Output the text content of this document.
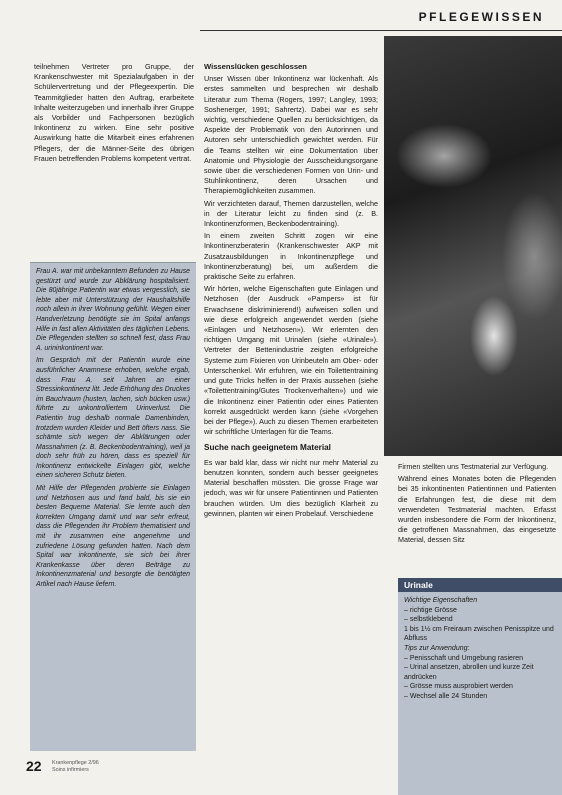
PFLEGEWISSEN

teilnehmen Vertreter pro Gruppe, der Krankenschwester mit Spezialaufgaben in der Schülervertretung und der Pflegeexpertin. Die Teammitglieder hatten den Auftrag, erarbeitete Inhalte weiterzugeben und innerhalb ihrer Gruppe als Vorbilder und Fachpersonen bezüglich Inkontinenz zu wirken. Eine sehr positive Auswirkung hatte die Mitarbeit eines erfahrenen Pflegers, der die Männer-Seite des übrigen Frauen betreffenden Problems kompetent vertrat.

Frau A. war mit unbekanntem Befunden zu Hause gestürzt und wurde zur Abklärung hospitalisiert. Die 80jährige Patientin war etwas vergesslich, sie lebte aber mit Unterstützung der Haushaltshilfe noch allein in ihrer Wohnung gefühlt. Wegen einer Handverletzung benötigte sie im Spital anfangs Hilfe in fast allen Aktivitäten des täglichen Lebens. Die Pflegenden stellten so schnell fest, dass Frau A. urininkontinent war.

Im Gespräch mit der Patientin wurde eine ausführlicher Anamnese erhoben, welche ergab, dass Frau A. seit Jahren an einer Stressinkontinenz litt. Jede Erhöhung des Druckes im Bauchraum (husten, lachen, sich bücken usw.) führte zu unkontrolliertem Urinverlust. Die Patientin trug deshalb normale Damenbinden, trotzdem wurden Kleider und Bett öfters nass. Sie schämte sich wegen der Abklärungen oder Massnahmen (z. B. Beckenbodentraining), weil ja doch sehr früh zu hören, dass es speziell für Inkontinenz entwickelte Einlagen gibt, welche einen sicheren Schutz bieten.

Mit Hilfe der Pflegenden probierte sie Einlagen und Netzhosen aus und fand bald, bis sie ein besten Bequeme Material. Sie lernte auch den korrekten Umgang damit und war sehr erfreut, dass die Pflegenden ihr Problem thematisiert und mit ihr zusammen eine angenehme und zufriedene Lösung gefunden hatten. Nach dem Spital war inkontinente, sie sich bei ihrer Krankenkasse über deren Beiträge zu Inkontinenzmaterial und besorgte die benötigten Artikel nach Hause liefern.

Wissenslücken geschlossen

Unser Wissen über Inkontinenz war lückenhaft. Als erstes sammelten und besprechen wir deshalb Literatur zum Thema (Rogers, 1997; Langley, 1993; Soshenerger, 1991; Sahrertz). Dabei war es sehr wichtig, verschiedene Quellen zu berücksichtigen, da Aspekte der Problematik von den Autorinnen und Autoren sehr unterschiedlich gewichtet werden. Für die Teams stellten wir eine Dokumentation über Anatomie und Physiologie der Ausscheidungsorgane sowie über die verschiedenen Formen von Urin- und Stuhlinkontinenz, deren Ursachen und Therapiemöglichkeiten zusammen.

Wir verzichteten darauf, Themen darzustellen, welche in der Literatur leicht zu finden sind (z. B. Inkontinenzformen, Beckenbodentraining).

In einem zweiten Schritt zogen wir eine Inkontinenzberaterin (Krankenschwester AKP mit Zusatzausbildungen in Inkontinenzpflege und Inkontinenzberatung) bei, um außerdem die praktische Seite zu erfahren.

Wir hörten, welche Eigenschaften gute Einlagen und Netzhosen (der Ausdruck «Pampers» ist für Erwachsene diskriminierend!) aufweisen sollen und wie diese erfolgreich angewendet werden (siehe «Einlagen und Netzhosen»). Wir erlernten den richtigen Umgang mit Urinalen (siehe «Urinale»). Vertreter der Bettenindustrie zeigten erfolgreiche Systeme zum Fixieren von Urinbeuteln am Ober- oder Unterschenkel. Wir erfuhren, wie ein Toilettentraining und gute Tricks helfen in der Praxis aussehen (siehe «Toilettentraining/Gutes Trockenverhalten») und wie die Inkontinenz einer Patientin oder eines Patienten korrekt ausgedrückt werden kann (siehe «Vorgehen bei der Pflege»). Auch zu diesen Themen erarbeiteten wir schriftliche Unterlagen für die Teams.

Suche nach geeignetem Material

Es war bald klar, dass wir nicht nur mehr Material zu benutzen konnten, sondern auch besser geeignetes Material beschaffen müssten. Die grosse Frage war jedoch, was wir für unsere Patientinnen und Patienten brauchen würden. Um dies bezüglich Klarheit zu gewinnen, planten wir einen Probelauf. Verschiedene

Firmen stellten uns Testmaterial zur Verfügung.

Während eines Monates boten die Pflegenden bei 35 inkontinenten Patientinnen und Patienten die Erfahrungen fest, die diese mit dem verwendeten Testmaterial machten. Erfasst wurden insbesondere die Form der Inkontinenz, die getroffenen Massnahmen, das eingesetzte Material, dessen Sitz

Urinale
Wichtige Eigenschaften
– richtige Grösse
– selbstklebend
1 bis 1½ cm Freiraum zwischen Penisspitze und Abfluss
Tips zur Anwendung:
– Penisschaft und Umgebung rasieren
– Urinal ansetzen, abrollen und kurze Zeit andrücken
– Grösse muss ausprobiert werden
– Wechsel alle 24 Stunden
22 Krankenpflege 2/96
Soins infirmiers
